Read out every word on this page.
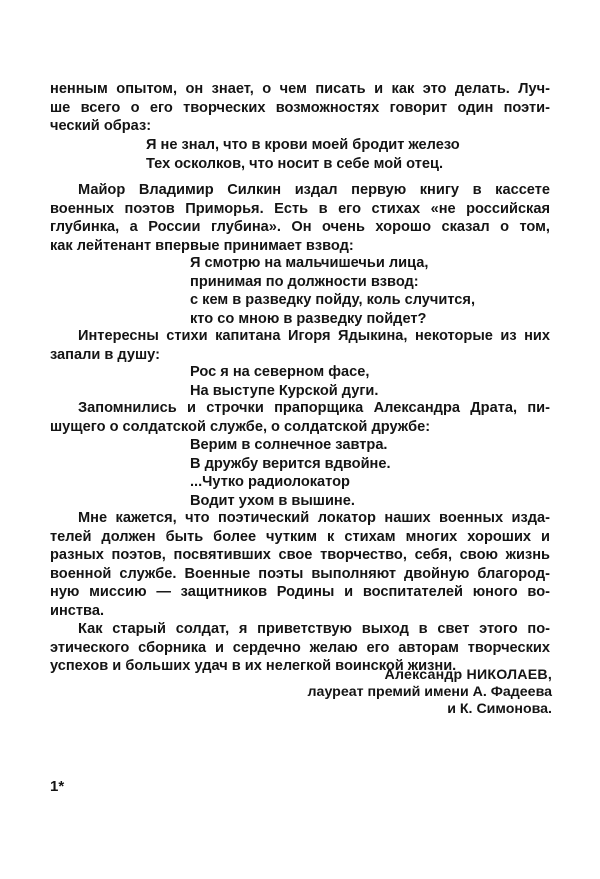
ненным опытом, он знает, о чем писать и как это делать. Луч-
ше всего о его творческих возможностях говорит один поэти-
ческий образ:
Я не знал, что в крови моей бродит железо
Тех осколков, что носит в себе мой отец.
Майор Владимир Силкин издал первую книгу в кассете
военных поэтов Приморья. Есть в его стихах «не российская
глубинка, а России глубина». Он очень хорошо сказал о том,
как лейтенант впервые принимает взвод:
Я смотрю на мальчишечьи лица,
принимая по должности взвод:
с кем в разведку пойду, коль случится,
кто со мною в разведку пойдет?
Интересны стихи капитана Игоря Ядыкина, некоторые из них
запали в душу:
Рос я на северном фасе,
На выступе Курской дуги.
Запомнились и строчки прапорщика Александра Драта, пи-
шущего о солдатской службе, о солдатской дружбе:
Верим в солнечное завтра.
В дружбу верится вдвойне.
...Чутко радиолокатор
Водит ухом в вышине.
Мне кажется, что поэтический локатор наших военных изда-
телей должен быть более чутким к стихам многих хороших и
разных поэтов, посвятивших свое творчество, себя, свою жизнь
военной службе. Военные поэты выполняют двойную благород-
ную миссию — защитников Родины и воспитателей юного во-
инства.
Как старый солдат, я приветствую выход в свет этого по-
этического сборника и сердечно желаю его авторам творческих
успехов и больших удач в их нелегкой воинской жизни.
Александр НИКОЛАЕВ,
лауреат премий имени А. Фадеева
и К. Симонова.
1*
